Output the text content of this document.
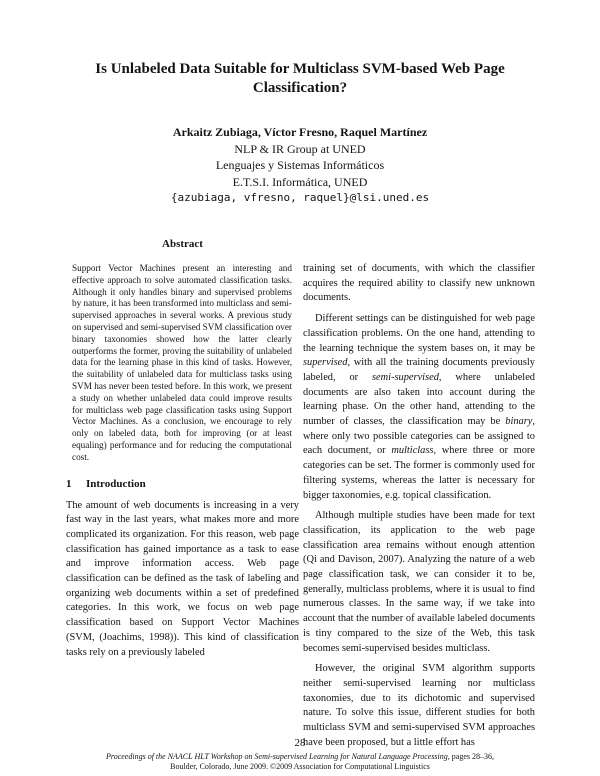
Is Unlabeled Data Suitable for Multiclass SVM-based Web Page Classification?
Arkaitz Zubiaga, Víctor Fresno, Raquel Martínez
NLP & IR Group at UNED
Lenguajes y Sistemas Informáticos
E.T.S.I. Informática, UNED
{azubiaga, vfresno, raquel}@lsi.uned.es
Abstract

Support Vector Machines present an interesting and effective approach to solve automated classification tasks. Although it only handles binary and supervised problems by nature, it has been transformed into multiclass and semi-supervised approaches in several works. A previous study on supervised and semi-supervised SVM classification over binary taxonomies showed how the latter clearly outperforms the former, proving the suitability of unlabeled data for the learning phase in this kind of tasks. However, the suitability of unlabeled data for multiclass tasks using SVM has never been tested before. In this work, we present a study on whether unlabeled data could improve results for multiclass web page classification tasks using Support Vector Machines. As a conclusion, we encourage to rely only on labeled data, both for improving (or at least equaling) performance and for reducing the computational cost.

1 Introduction

The amount of web documents is increasing in a very fast way in the last years, what makes more and more complicated its organization. For this reason, web page classification has gained importance as a task to ease and improve information access. Web page classification can be defined as the task of labeling and organizing web documents within a set of predefined categories. In this work, we focus on web page classification based on Support Vector Machines (SVM, (Joachims, 1998)). This kind of classification tasks rely on a previously labeled

training set of documents, with which the classifier acquires the required ability to classify new unknown documents.

Different settings can be distinguished for web page classification problems. On the one hand, attending to the learning technique the system bases on, it may be supervised, with all the training documents previously labeled, or semi-supervised, where unlabeled documents are also taken into account during the learning phase. On the other hand, attending to the number of classes, the classification may be binary, where only two possible categories can be assigned to each document, or multiclass, where three or more categories can be set. The former is commonly used for filtering systems, whereas the latter is necessary for bigger taxonomies, e.g. topical classification.

Although multiple studies have been made for text classification, its application to the web page classification area remains without enough attention (Qi and Davison, 2007). Analyzing the nature of a web page classification task, we can consider it to be, generally, multiclass problems, where it is usual to find numerous classes. In the same way, if we take into account that the number of available labeled documents is tiny compared to the size of the Web, this task becomes semi-supervised besides multiclass.

However, the original SVM algorithm supports neither semi-supervised learning nor multiclass taxonomies, due to its dichotomic and supervised nature. To solve this issue, different studies for both multiclass SVM and semi-supervised SVM approaches have been proposed, but a little effort has

28
Proceedings of the NAACL HLT Workshop on Semi-supervised Learning for Natural Language Processing, pages 28–36,
Boulder, Colorado, June 2009. ©2009 Association for Computational Linguistics
